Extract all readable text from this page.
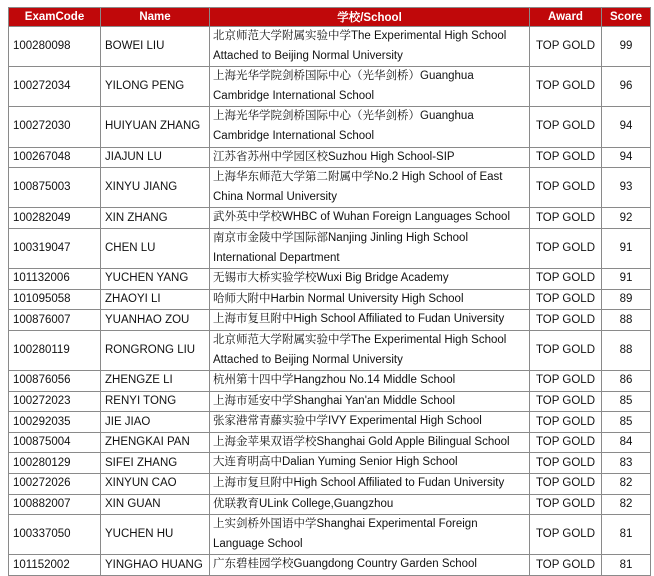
ExamCode	Name	学校/School	Award	Score
100280098	BOWEI LIU	北京师范大学附属实验中学The Experimental High School Attached to Beijing Normal University	TOP GOLD	99
100272034	YILONG PENG	上海光华学院剑桥国际中心（光华剑桥）Guanghua Cambridge International School	TOP GOLD	96
100272030	HUIYUAN ZHANG	上海光华学院剑桥国际中心（光华剑桥）Guanghua Cambridge International School	TOP GOLD	94
100267048	JIAJUN LU	江苏省苏州中学园区校Suzhou High School-SIP	TOP GOLD	94
100875003	XINYU JIANG	上海华东师范大学第二附属中学No.2 High School of East China Normal University	TOP GOLD	93
100282049	XIN ZHANG	武外英中学校WHBC of Wuhan Foreign Languages School	TOP GOLD	92
100319047	CHEN LU	南京市金陵中学国际部Nanjing Jinling High School International Department	TOP GOLD	91
101132006	YUCHEN YANG	无锡市大桥实验学校Wuxi Big Bridge Academy	TOP GOLD	91
101095058	ZHAOYI LI	哈师大附中Harbin Normal University High School	TOP GOLD	89
100876007	YUANHAO ZOU	上海市复旦附中High School Affiliated to Fudan University	TOP GOLD	88
100280119	RONGRONG LIU	北京师范大学附属实验中学The Experimental High School Attached to Beijing Normal University	TOP GOLD	88
100876056	ZHENGZE LI	杭州第十四中学Hangzhou No.14 Middle School	TOP GOLD	86
100272023	RENYI TONG	上海市延安中学Shanghai Yan'an Middle School	TOP GOLD	85
100292035	JIE JIAO	张家港常青藤实验中学IVY Experimental High School	TOP GOLD	85
100875004	ZHENGKAI PAN	上海金苹果双语学校Shanghai Gold Apple Bilingual School	TOP GOLD	84
100280129	SIFEI ZHANG	大连育明高中Dalian Yuming Senior High School	TOP GOLD	83
100272026	XINYUN CAO	上海市复旦附中High School Affiliated to Fudan University	TOP GOLD	82
100882007	XIN GUAN	优联教育ULink College,Guangzhou	TOP GOLD	82
100337050	YUCHEN HU	上实剑桥外国语中学Shanghai Experimental Foreign Language School	TOP GOLD	81
101152002	YINGHAO HUANG	广东碧桂园学校Guangdong Country Garden School	TOP GOLD	81
